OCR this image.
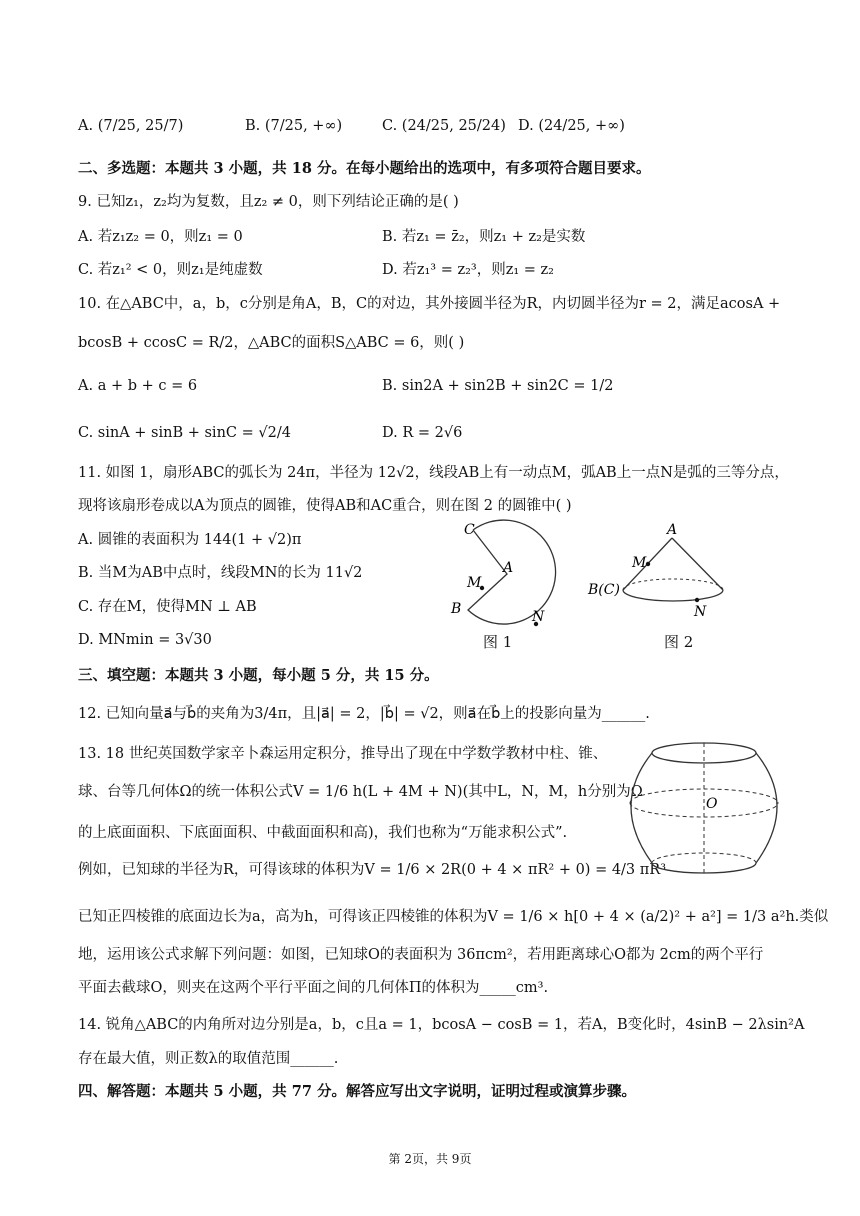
A. (7/25, 25/7)	B. (7/25, +∞)	C. (24/25, 25/24) D. (24/25, +∞)
二、多选题：本题共 3 小题，共 18 分。在每小题给出的选项中，有多项符合题目要求。
9. 已知z₁，z₂均为复数，且z₂ ≠ 0，则下列结论正确的是( )
A. 若z₁z₂ = 0，则z₁ = 0	B. 若z₁ = z̄₂，则z₁ + z₂是实数
C. 若z₁² < 0，则z₁是纯虚数	D. 若z₁³ = z₂³，则z₁ = z₂
10. 在△ABC中，a，b，c分别是角A，B，C的对边，其外接圆半径为R，内切圆半径为r = 2，满足acosA +
bcosB + ccosC = R/2，△ABC的面积S△ABC = 6，则( )
A. a + b + c = 6	B. sin2A + sin2B + sin2C = 1/2
C. sinA + sinB + sinC = √2/4	D. R = 2√6
11. 如图 1，扇形ABC的弧长为 24π，半径为 12√2，线段AB上有一动点M，弧AB上一点N是弧的三等分点，
现将该扇形卷成以A为顶点的圆锥，使得AB和AC重合，则在图 2 的圆锥中( )
A. 圆锥的表面积为 144(1 + √2)π
B. 当M为AB中点时，线段MN的长为 11√2
C. 存在M，使得MN ⊥ AB
D. MNmin = 3√30
C
A
M
B	N
图 1
A
M
B(C)
N
图 2
三、填空题：本题共 3 小题，每小题 5 分，共 15 分。
12. 已知向量a⃗与b⃗的夹角为3/4π，且|a⃗| = 2，|b⃗| = √2，则a⃗在b⃗上的投影向量为______.
13. 18 世纪英国数学家辛卜森运用定积分，推导出了现在中学数学教材中柱、锥、
球、台等几何体Ω的统一体积公式V = 1/6 h(L + 4M + N)(其中L，N，M，h分别为Ω
的上底面面积、下底面面积、中截面面积和高)，我们也称为“万能求积公式”.
例如，已知球的半径为R，可得该球的体积为V = 1/6 × 2R(0 + 4 × πR² + 0) = 4/3 πR³
已知正四棱锥的底面边长为a，高为h，可得该正四棱锥的体积为V = 1/6 × h[0 + 4 × (a/2)² + a²] = 1/3 a²h.类似
地，运用该公式求解下列问题：如图，已知球O的表面积为 36πcm²，若用距离球心O都为 2cm的两个平行
平面去截球O，则夹在这两个平行平面之间的几何体Π的体积为_____cm³.
O
14. 锐角△ABC的内角所对边分别是a，b，c且a = 1，bcosA − cosB = 1，若A，B变化时，4sinB − 2λsin²A
存在最大值，则正数λ的取值范围______.
四、解答题：本题共 5 小题，共 77 分。解答应写出文字说明，证明过程或演算步骤。
第 2页，共 9页
